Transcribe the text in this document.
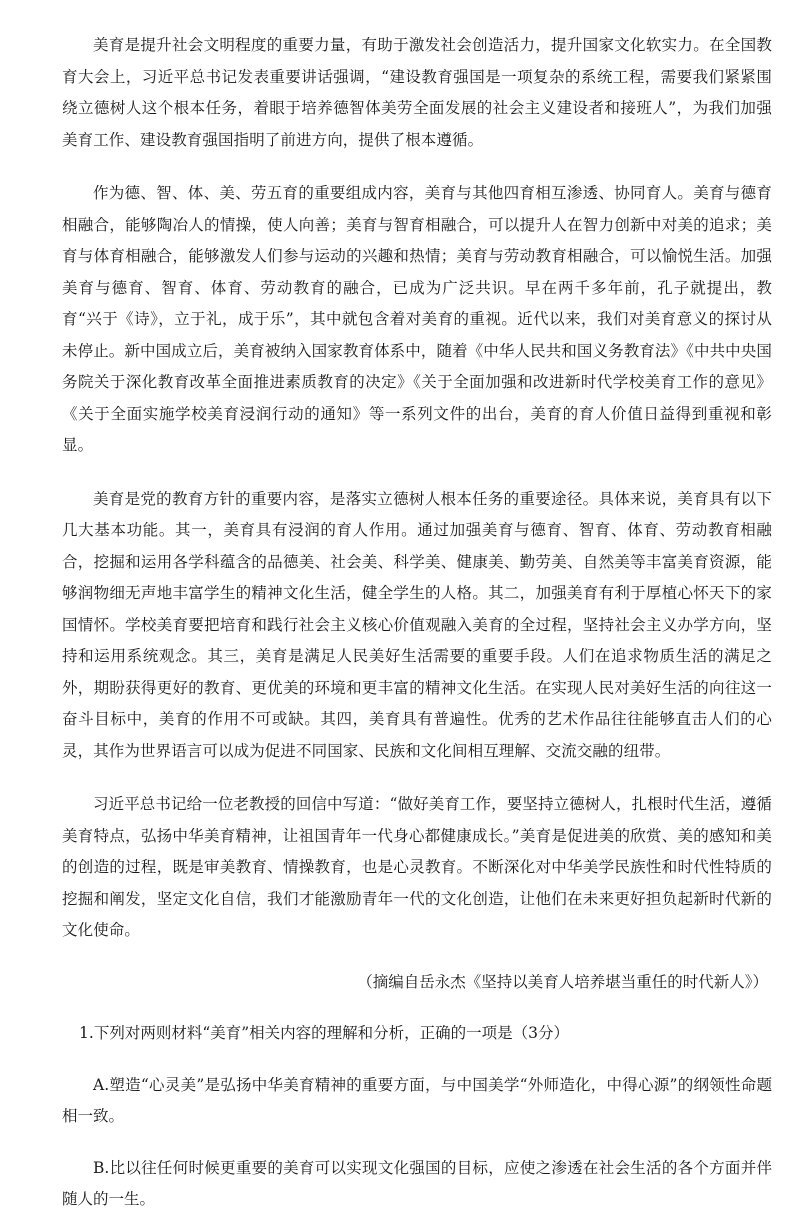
美育是提升社会文明程度的重要力量，有助于激发社会创造活力，提升国家文化软实力。在全国教育大会上，习近平总书记发表重要讲话强调，“建设教育强国是一项复杂的系统工程，需要我们紧紧围绕立德树人这个根本任务，着眼于培养德智体美劳全面发展的社会主义建设者和接班人”，为我们加强美育工作、建设教育强国指明了前进方向，提供了根本遵循。

作为德、智、体、美、劳五育的重要组成内容，美育与其他四育相互渗透、协同育人。美育与德育相融合，能够陶冶人的情操，使人向善；美育与智育相融合，可以提升人在智力创新中对美的追求；美育与体育相融合，能够激发人们参与运动的兴趣和热情；美育与劳动教育相融合，可以愉悦生活。加强美育与德育、智育、体育、劳动教育的融合，已成为广泛共识。早在两千多年前，孔子就提出，教育“兴于《诗》，立于礼，成于乐”，其中就包含着对美育的重视。近代以来，我们对美育意义的探讨从未停止。新中国成立后，美育被纳入国家教育体系中，随着《中华人民共和国义务教育法》《中共中央国务院关于深化教育改革全面推进素质教育的决定》《关于全面加强和改进新时代学校美育工作的意见》《关于全面实施学校美育浸润行动的通知》等一系列文件的出台，美育的育人价值日益得到重视和彰显。

美育是党的教育方针的重要内容，是落实立德树人根本任务的重要途径。具体来说，美育具有以下几大基本功能。其一，美育具有浸润的育人作用。通过加强美育与德育、智育、体育、劳动教育相融合，挖掘和运用各学科蕴含的品德美、社会美、科学美、健康美、勤劳美、自然美等丰富美育资源，能够润物细无声地丰富学生的精神文化生活，健全学生的人格。其二，加强美育有利于厚植心怀天下的家国情怀。学校美育要把培育和践行社会主义核心价值观融入美育的全过程，坚持社会主义办学方向，坚持和运用系统观念。其三，美育是满足人民美好生活需要的重要手段。人们在追求物质生活的满足之外，期盼获得更好的教育、更优美的环境和更丰富的精神文化生活。在实现人民对美好生活的向往这一奋斗目标中，美育的作用不可或缺。其四，美育具有普遍性。优秀的艺术作品往往能够直击人们的心灵，其作为世界语言可以成为促进不同国家、民族和文化间相互理解、交流交融的纽带。

习近平总书记给一位老教授的回信中写道：“做好美育工作，要坚持立德树人，扎根时代生活，遵循美育特点，弘扬中华美育精神，让祖国青年一代身心都健康成长。”美育是促进美的欣赏、美的感知和美的创造的过程，既是审美教育、情操教育，也是心灵教育。不断深化对中华美学民族性和时代性特质的挖掘和阐发，坚定文化自信，我们才能激励青年一代的文化创造，让他们在未来更好担负起新时代新的文化使命。

（摘编自岳永杰《坚持以美育人培养堪当重任的时代新人》）

1.下列对两则材料“美育”相关内容的理解和分析，正确的一项是（3分）

A.塑造“心灵美”是弘扬中华美育精神的重要方面，与中国美学“外师造化，中得心源”的纲领性命题相一致。

B.比以往任何时候更重要的美育可以实现文化强国的目标，应使之渗透在社会生活的各个方面并伴随人的一生。
